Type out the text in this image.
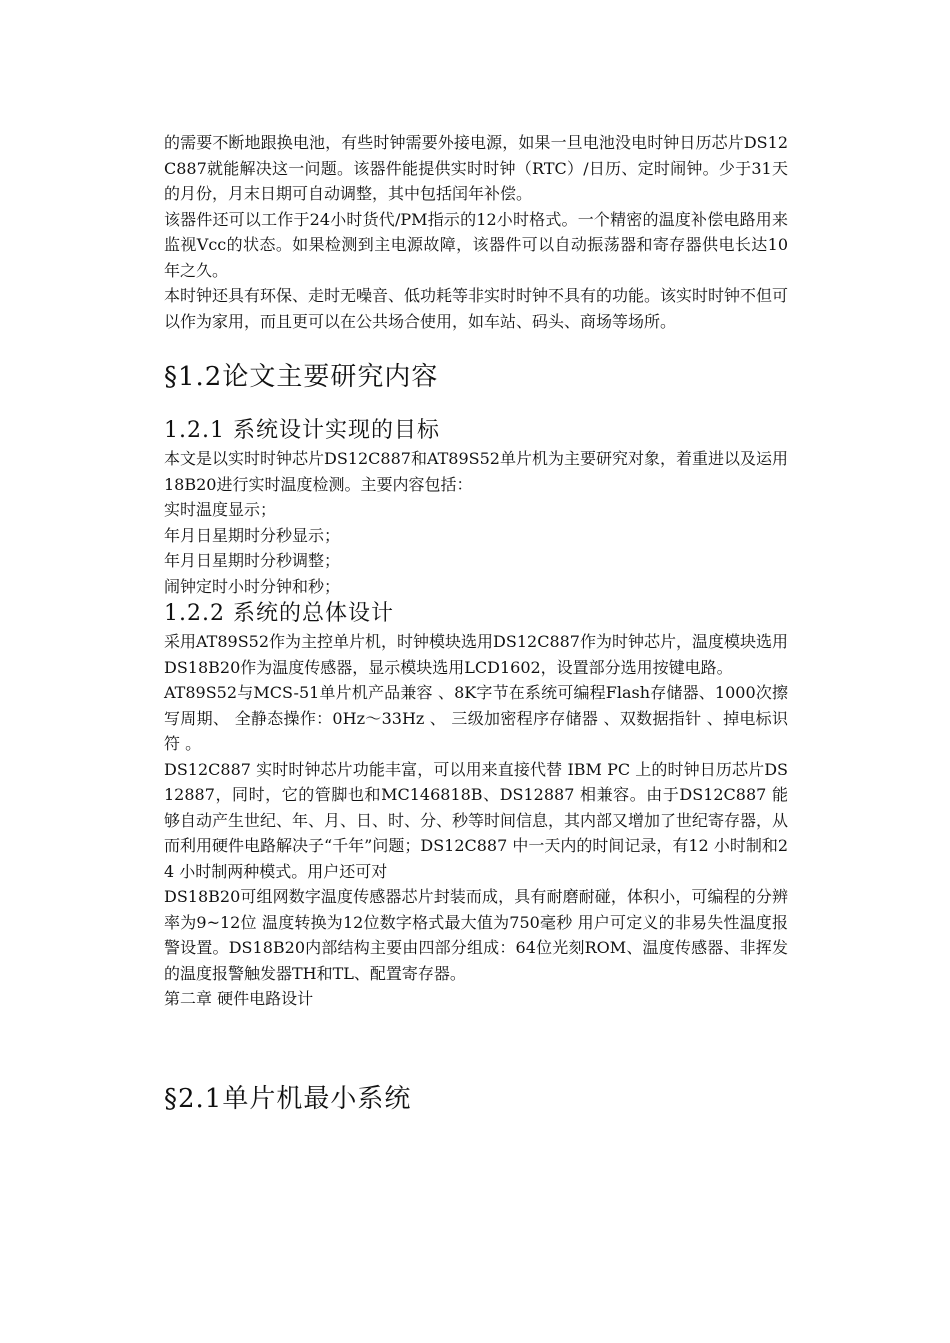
的需要不断地跟换电池，有些时钟需要外接电源，如果一旦电池没电时钟日历芯片DS12C887就能解决这一问题。该器件能提供实时时钟（RTC）/日历、定时闹钟。少于31天的月份，月末日期可自动调整，其中包括闰年补偿。

该器件还可以工作于24小时货代/PM指示的12小时格式。一个精密的温度补偿电路用来监视Vcc的状态。如果检测到主电源故障，该器件可以自动振荡器和寄存器供电长达10年之久。

本时钟还具有环保、走时无噪音、低功耗等非实时时钟不具有的功能。该实时时钟不但可以作为家用，而且更可以在公共场合使用，如车站、码头、商场等场所。

§1.2论文主要研究内容
1.2.1 系统设计实现的目标

本文是以实时时钟芯片DS12C887和AT89S52单片机为主要研究对象，着重进以及运用18B20进行实时温度检测。主要内容包括：

实时温度显示；

年月日星期时分秒显示；

年月日星期时分秒调整；

闹钟定时小时分钟和秒；

1.2.2 系统的总体设计

采用AT89S52作为主控单片机，时钟模块选用DS12C887作为时钟芯片，温度模块选用DS18B20作为温度传感器，显示模块选用LCD1602，设置部分选用按键电路。

AT89S52与MCS-51单片机产品兼容 、8K字节在系统可编程Flash存储器、1000次擦写周期、 全静态操作：0Hz～33Hz 、 三级加密程序存储器 、双数据指针 、掉电标识符 。

DS12C887 实时时钟芯片功能丰富，可以用来直接代替 IBM PC 上的时钟日历芯片DS12887，同时，它的管脚也和MC146818B、DS12887 相兼容。由于DS12C887 能够自动产生世纪、年、月、日、时、分、秒等时间信息，其内部又增加了世纪寄存器，从而利用硬件电路解决子“千年”问题；DS12C887 中一天内的时间记录，有12 小时制和24 小时制两种模式。用户还可对

DS18B20可组网数字温度传感器芯片封装而成，具有耐磨耐碰，体积小，可编程的分辨率为9~12位 温度转换为12位数字格式最大值为750毫秒 用户可定义的非易失性温度报警设置。DS18B20内部结构主要由四部分组成：64位光刻ROM、温度传感器、非挥发的温度报警触发器TH和TL、配置寄存器。

第二章 硬件电路设计

§2.1单片机最小系统
